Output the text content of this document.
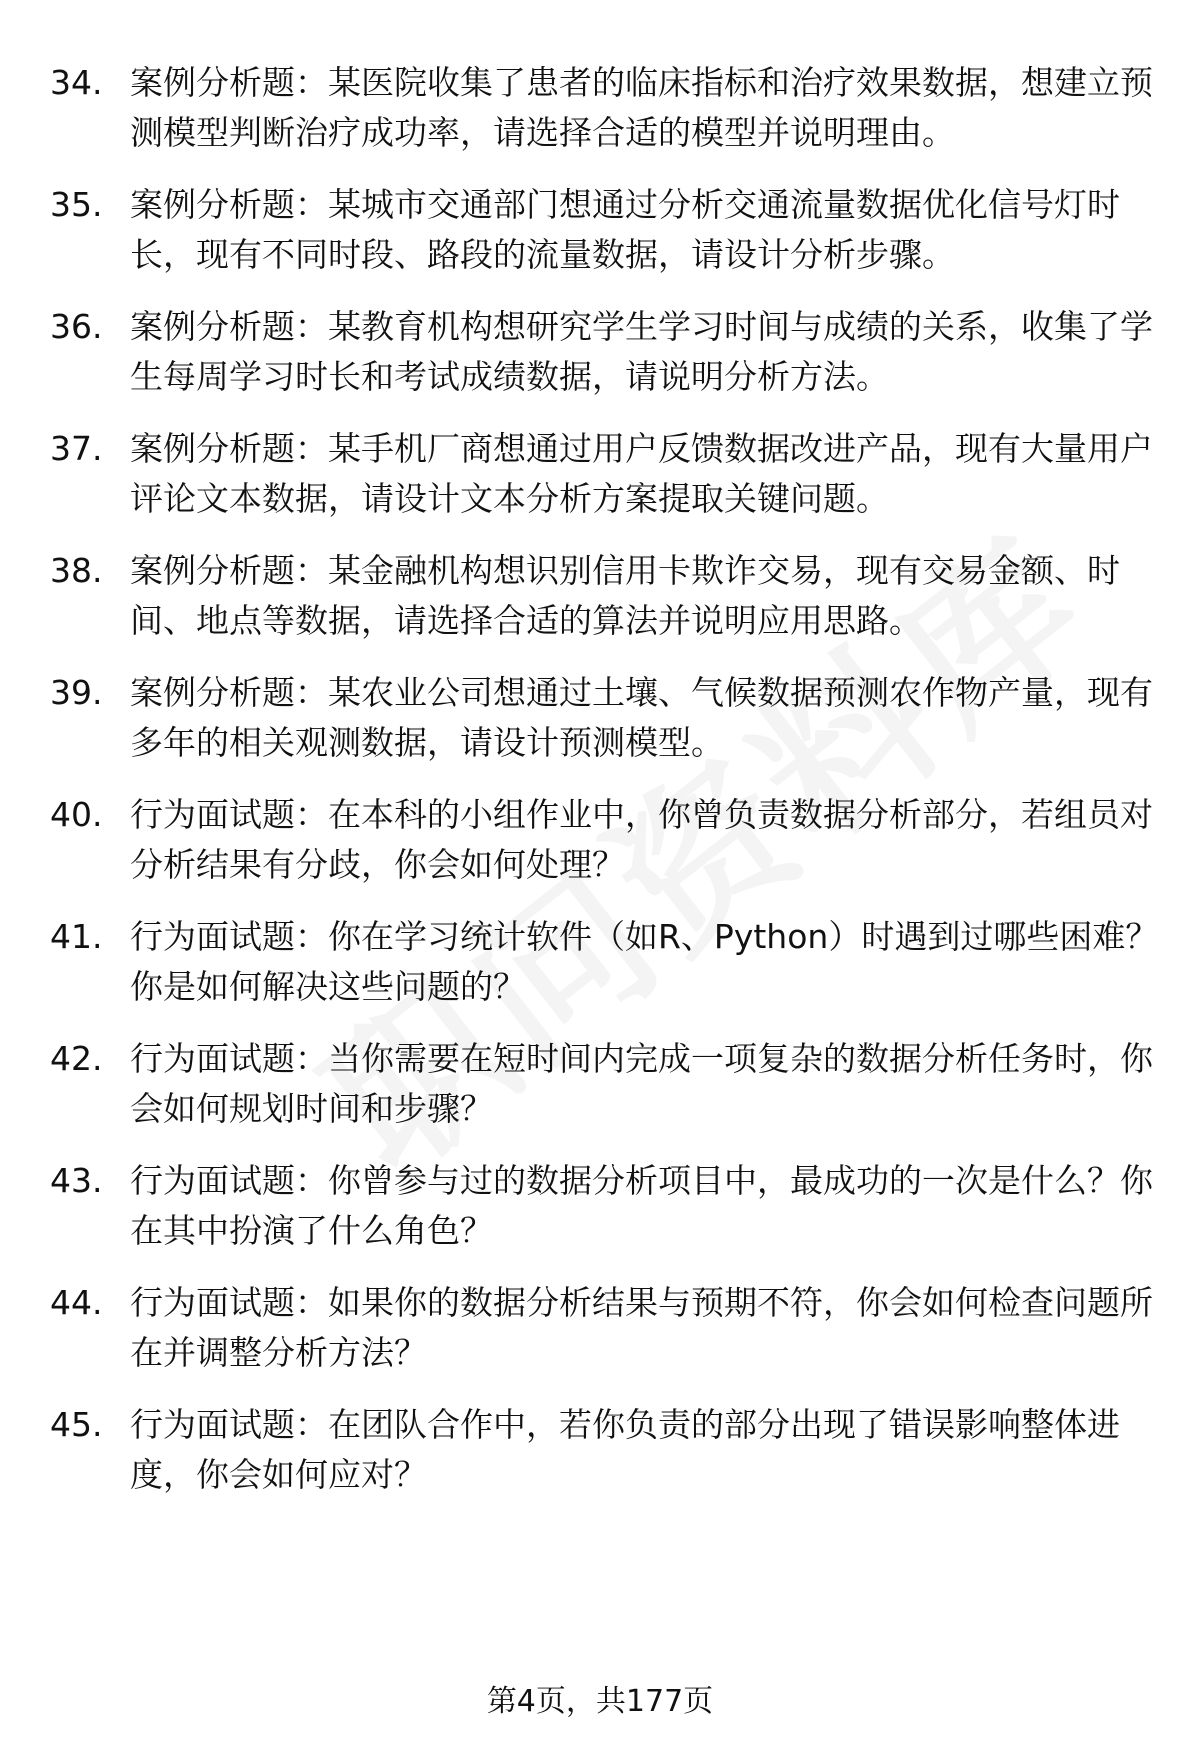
34. 案例分析题：某医院收集了患者的临床指标和治疗效果数据，想建立预测模型判断治疗成功率，请选择合适的模型并说明理由。
35. 案例分析题：某城市交通部门想通过分析交通流量数据优化信号灯时长，现有不同时段、路段的流量数据，请设计分析步骤。
36. 案例分析题：某教育机构想研究学生学习时间与成绩的关系，收集了学生每周学习时长和考试成绩数据，请说明分析方法。
37. 案例分析题：某手机厂商想通过用户反馈数据改进产品，现有大量用户评论文本数据，请设计文本分析方案提取关键问题。
38. 案例分析题：某金融机构想识别信用卡欺诈交易，现有交易金额、时间、地点等数据，请选择合适的算法并说明应用思路。
39. 案例分析题：某农业公司想通过土壤、气候数据预测农作物产量，现有多年的相关观测数据，请设计预测模型。
40. 行为面试题：在本科的小组作业中，你曾负责数据分析部分，若组员对分析结果有分歧，你会如何处理？
41. 行为面试题：你在学习统计软件（如R、Python）时遇到过哪些困难？你是如何解决这些问题的？
42. 行为面试题：当你需要在短时间内完成一项复杂的数据分析任务时，你会如何规划时间和步骤？
43. 行为面试题：你曾参与过的数据分析项目中，最成功的一次是什么？你在其中扮演了什么角色？
44. 行为面试题：如果你的数据分析结果与预期不符，你会如何检查问题所在并调整分析方法？
45. 行为面试题：在团队合作中，若你负责的部分出现了错误影响整体进度，你会如何应对？
第4页，共177页
